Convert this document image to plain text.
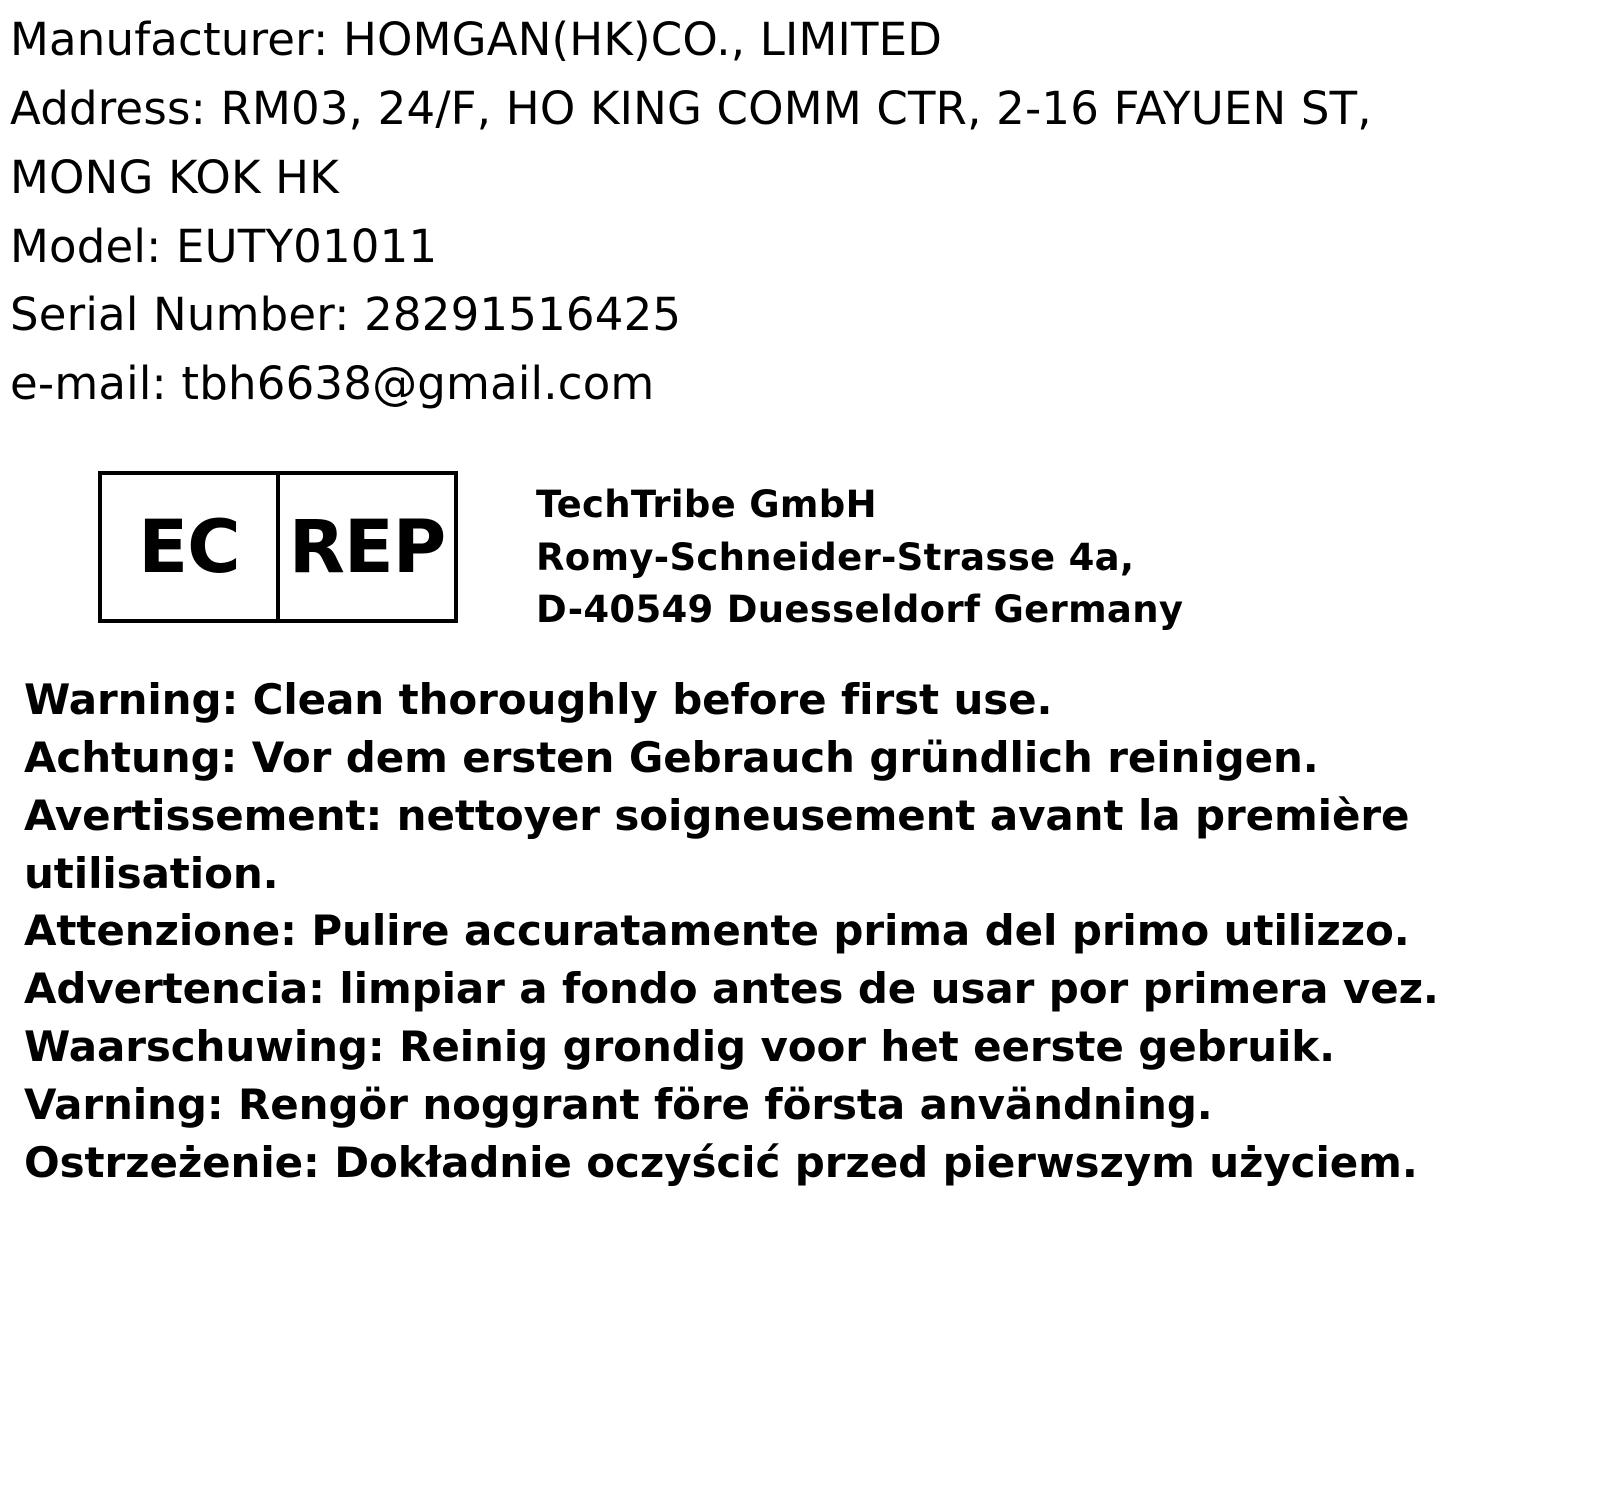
Manufacturer: HOMGAN(HK)CO., LIMITED
Address: RM03, 24/F, HO KING COMM CTR, 2-16 FAYUEN ST,
MONG KOK HK
Model: EUTY01011
Serial Number: 28291516425
e-mail: tbh6638@gmail.com
EC REP TechTribe GmbH
Romy-Schneider-Strasse 4a,
D-40549 Duesseldorf Germany

Warning: Clean thoroughly before first use.

Achtung: Vor dem ersten Gebrauch gründlich reinigen.

Avertissement: nettoyer soigneusement avant la première utilisation.

Attenzione: Pulire accuratamente prima del primo utilizzo.

Advertencia: limpiar a fondo antes de usar por primera vez.

Waarschuwing: Reinig grondig voor het eerste gebruik.

Varning: Rengör noggrant före första användning.

Ostrzeżenie: Dokładnie oczyścić przed pierwszym użyciem.
